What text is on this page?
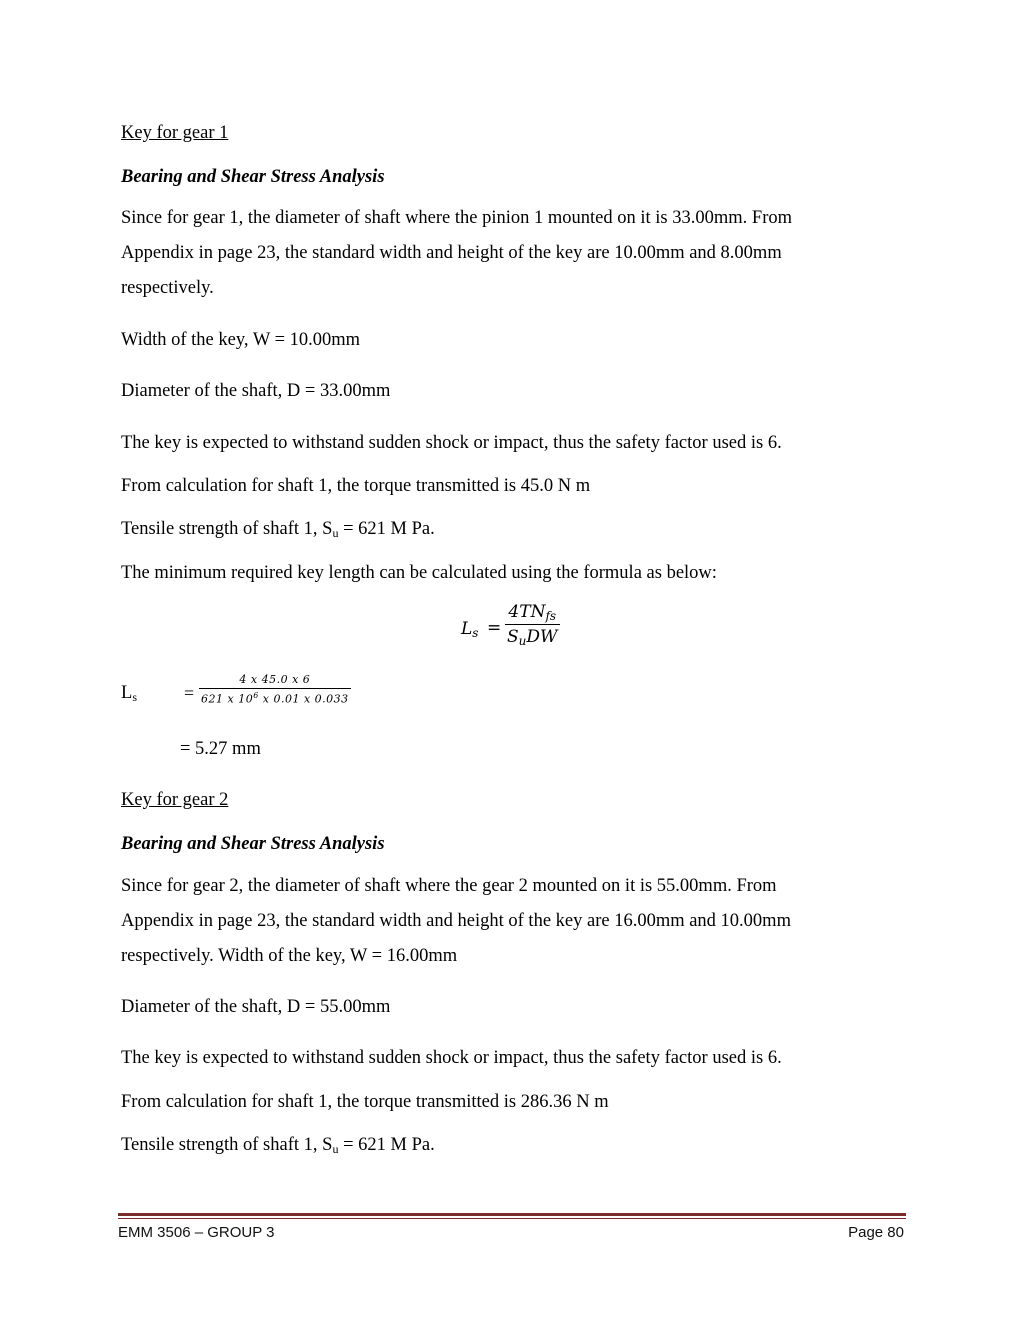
Key for gear 1
Bearing and Shear Stress Analysis
Since for gear 1, the diameter of shaft where the pinion 1 mounted on it is 33.00mm. From
Appendix in page 23, the standard width and height of the key are 10.00mm and 8.00mm
respectively.
Width of the key, W = 10.00mm
Diameter of the shaft, D = 33.00mm
The key is expected to withstand sudden shock or impact, thus the safety factor used is 6.
From calculation for shaft 1, the torque transmitted is 45.0 N m
Tensile strength of shaft 1, $S_u = 621$ M Pa.
The minimum required key length can be calculated using the formula as below:
$L_s$ =
$4TN_{fs}$
$S_uDW$
$L_s$	= $\frac{4 x 45.0 x 6}{621 x 10^6 x 0.01 x 0.033}$
= 5.27 mm
Key for gear 2
Bearing and Shear Stress Analysis
Since for gear 2, the diameter of shaft where the gear 2 mounted on it is 55.00mm. From
Appendix in page 23, the standard width and height of the key are 16.00mm and 10.00mm
respectively. Width of the key, W = 16.00mm
Diameter of the shaft, D = 55.00mm
The key is expected to withstand sudden shock or impact, thus the safety factor used is 6.
From calculation for shaft 1, the torque transmitted is 286.36 N m
Tensile strength of shaft 1, $S_u = 621$ M Pa.
EMM 3506 – GROUP 3	Page 80
